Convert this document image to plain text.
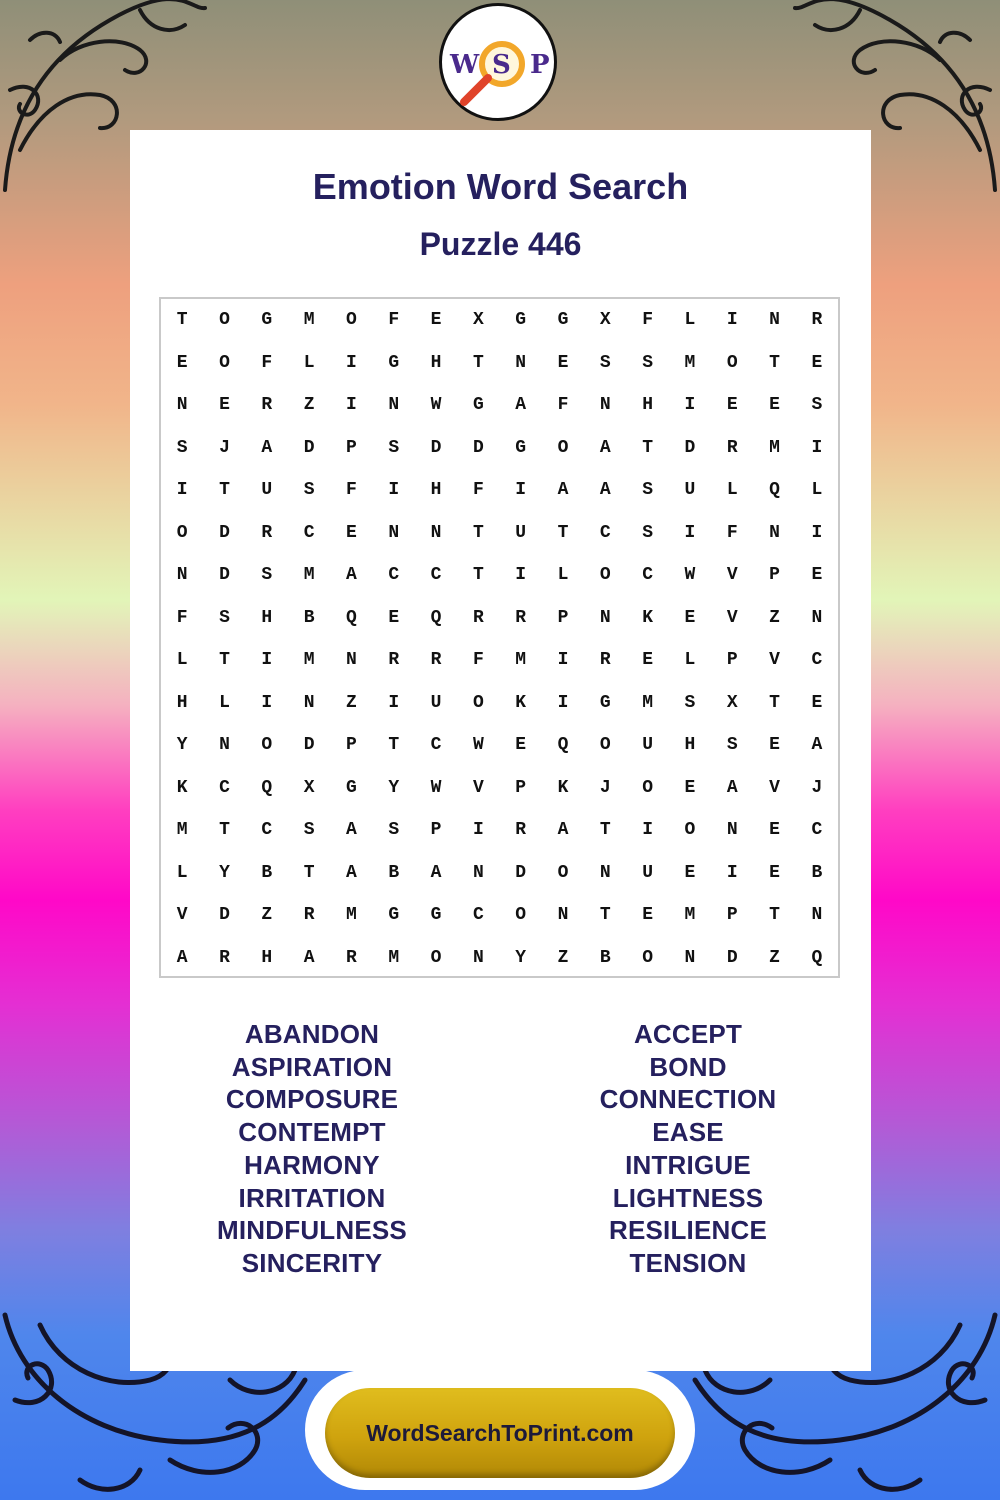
W S P
Emotion Word Search
Puzzle 446
T	O	G	M	O	F	E	X	G	G	X	F	L	I	N	R
E	O	F	L	I	G	H	T	N	E	S	S	M	O	T	E
N	E	R	Z	I	N	W	G	A	F	N	H	I	E	E	S
S	J	A	D	P	S	D	D	G	O	A	T	D	R	M	I
I	T	U	S	F	I	H	F	I	A	A	S	U	L	Q	L
O	D	R	C	E	N	N	T	U	T	C	S	I	F	N	I
N	D	S	M	A	C	C	T	I	L	O	C	W	V	P	E
F	S	H	B	Q	E	Q	R	R	P	N	K	E	V	Z	N
L	T	I	M	N	R	R	F	M	I	R	E	L	P	V	C
H	L	I	N	Z	I	U	O	K	I	G	M	S	X	T	E
Y	N	O	D	P	T	C	W	E	Q	O	U	H	S	E	A
K	C	Q	X	G	Y	W	V	P	K	J	O	E	A	V	J
M	T	C	S	A	S	P	I	R	A	T	I	O	N	E	C
L	Y	B	T	A	B	A	N	D	O	N	U	E	I	E	B
V	D	Z	R	M	G	G	C	O	N	T	E	M	P	T	N
A	R	H	A	R	M	O	N	Y	Z	B	O	N	D	Z	Q
ABANDON
ASPIRATION
COMPOSURE
CONTEMPT
HARMONY
IRRITATION
MINDFULNESS
SINCERITY
ACCEPT
BOND
CONNECTION
EASE
INTRIGUE
LIGHTNESS
RESILIENCE
TENSION
WordSearchToPrint.com
